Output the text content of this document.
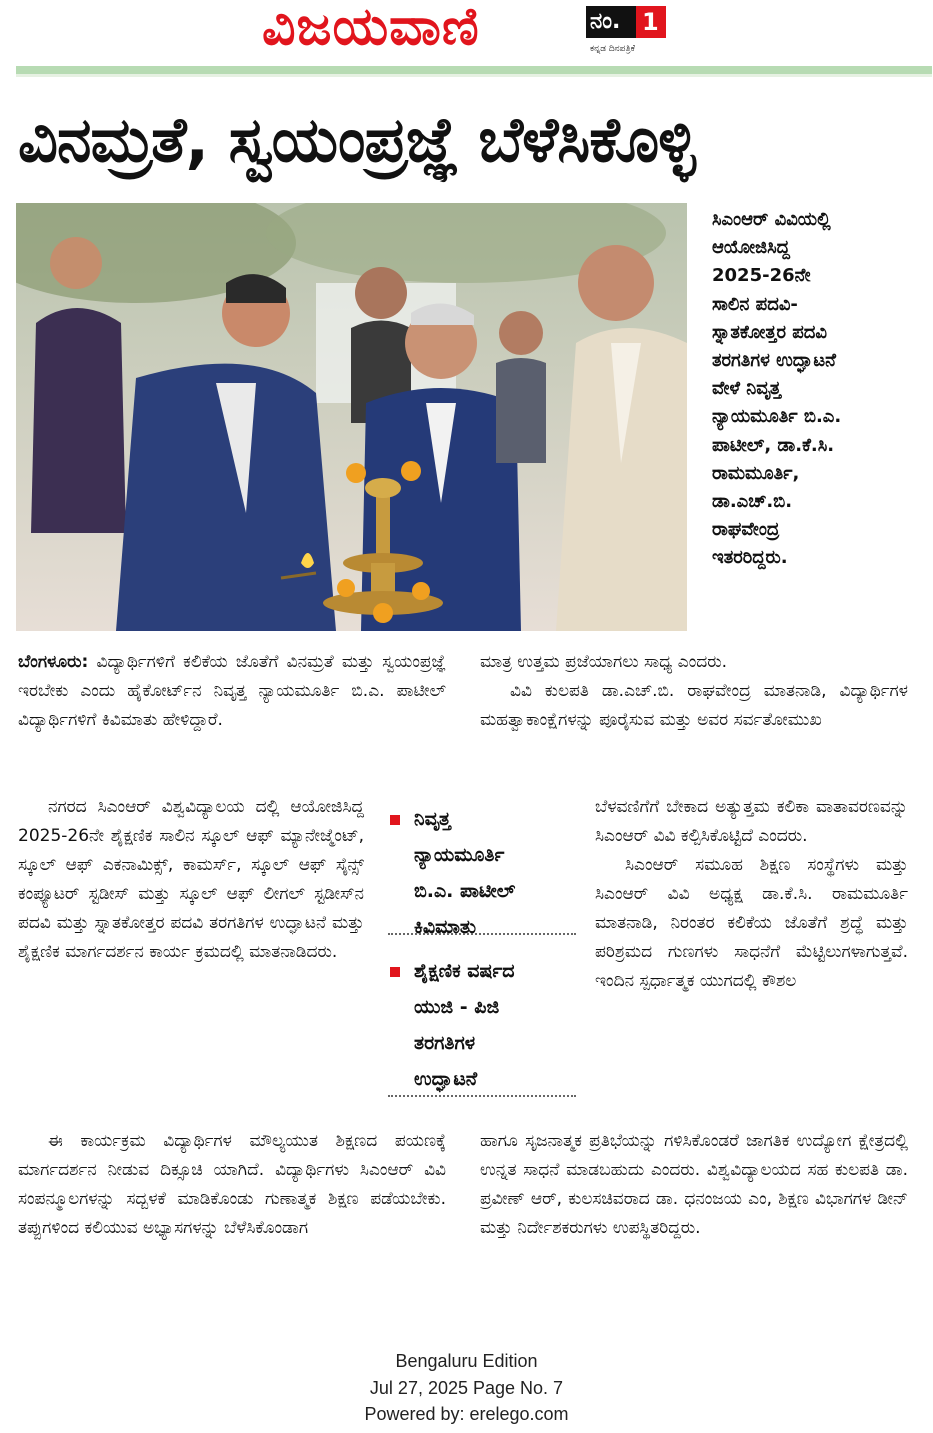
ವಿಜಯವಾಣಿ	ನಂ. 1
ಕನ್ನಡ ದಿನಪತ್ರಿಕೆ
ವಿನಮ್ರತೆ, ಸ್ವಯಂಪ್ರಜ್ಞೆ ಬೆಳೆಸಿಕೊಳ್ಳಿ
ಸಿಎಂಆರ್ ವಿವಿಯಲ್ಲಿ
ಆಯೋಜಿಸಿದ್ದ
2025-26ನೇ
ಸಾಲಿನ ಪದವಿ-
ಸ್ನಾತಕೋತ್ತರ ಪದವಿ
ತರಗತಿಗಳ ಉದ್ಘಾಟನೆ
ವೇಳೆ ನಿವೃತ್ತ
ನ್ಯಾಯಮೂರ್ತಿ ಬಿ.ಎ.
ಪಾಟೀಲ್, ಡಾ.ಕೆ.ಸಿ.
ರಾಮಮೂರ್ತಿ,
ಡಾ.ಎಚ್.ಬಿ.
ರಾಘವೇಂದ್ರ
ಇತರರಿದ್ದರು.

ಬೆಂಗಳೂರು: ವಿದ್ಯಾರ್ಥಿಗಳಿಗೆ ಕಲಿಕೆಯ ಜೊತೆಗೆ ವಿನಮ್ರತೆ ಮತ್ತು ಸ್ವಯಂಪ್ರಜ್ಞೆ ಇರಬೇಕು ಎಂದು ಹೈಕೋರ್ಟ್‌ನ ನಿವೃತ್ತ ನ್ಯಾಯಮೂರ್ತಿ ಬಿ.ಎ. ಪಾಟೀಲ್ ವಿದ್ಯಾರ್ಥಿಗಳಿಗೆ ಕಿವಿಮಾತು ಹೇಳಿದ್ದಾರೆ.

ನಗರದ ಸಿಎಂಆರ್ ವಿಶ್ವವಿದ್ಯಾಲಯ ದಲ್ಲಿ ಆಯೋಜಿಸಿದ್ದ 2025-26ನೇ ಶೈಕ್ಷಣಿಕ ಸಾಲಿನ ಸ್ಕೂಲ್ ಆಫ್ ಮ್ಯಾನೇಜ್ಮೆಂಟ್, ಸ್ಕೂಲ್ ಆಫ್ ಎಕನಾಮಿಕ್ಸ್, ಕಾಮರ್ಸ್, ಸ್ಕೂಲ್ ಆಫ್ ಸೈನ್ಸ್ ಕಂಪ್ಯೂಟರ್ ಸ್ಟಡೀಸ್ ಮತ್ತು ಸ್ಕೂಲ್ ಆಫ್ ಲೀಗಲ್ ಸ್ಟಡೀಸ್‌ನ ಪದವಿ ಮತ್ತು ಸ್ನಾತಕೋತ್ತರ ಪದವಿ ತರಗತಿಗಳ ಉದ್ಘಾಟನೆ ಮತ್ತು ಶೈಕ್ಷಣಿಕ ಮಾರ್ಗದರ್ಶನ ಕಾರ್ಯ ಕ್ರಮದಲ್ಲಿ ಮಾತನಾಡಿದರು.

ಈ ಕಾರ್ಯಕ್ರಮ ವಿದ್ಯಾರ್ಥಿಗಳ ಮೌಲ್ಯಯುತ ಶಿಕ್ಷಣದ ಪಯಣಕ್ಕೆ ಮಾರ್ಗದರ್ಶನ ನೀಡುವ ದಿಕ್ಸೂಚಿ ಯಾಗಿದೆ. ವಿದ್ಯಾರ್ಥಿಗಳು ಸಿಎಂಆರ್ ವಿವಿ ಸಂಪನ್ಮೂಲಗಳನ್ನು ಸದ್ಬಳಕೆ ಮಾಡಿಕೊಂಡು ಗುಣಾತ್ಮಕ ಶಿಕ್ಷಣ ಪಡೆಯಬೇಕು. ತಪ್ಪುಗಳಿಂದ ಕಲಿಯುವ ಅಭ್ಯಾಸಗಳನ್ನು ಬೆಳೆಸಿಕೊಂಡಾಗ

ನಿವೃತ್ತ
ನ್ಯಾಯಮೂರ್ತಿ
ಬಿ.ಎ. ಪಾಟೀಲ್
ಕಿವಿಮಾತು
ಶೈಕ್ಷಣಿಕ ವರ್ಷದ
ಯುಜಿ - ಪಿಜಿ
ತರಗತಿಗಳ
ಉದ್ಘಾಟನೆ

ಮಾತ್ರ ಉತ್ತಮ ಪ್ರಜೆಯಾಗಲು ಸಾಧ್ಯ ಎಂದರು.

ವಿವಿ ಕುಲಪತಿ ಡಾ.ಎಚ್.ಬಿ. ರಾಘವೇಂದ್ರ ಮಾತನಾಡಿ, ವಿದ್ಯಾರ್ಥಿಗಳ ಮಹತ್ವಾಕಾಂಕ್ಷೆಗಳನ್ನು ಪೂರೈಸುವ ಮತ್ತು ಅವರ ಸರ್ವತೋಮುಖ

ಬೆಳವಣಿಗೆಗೆ ಬೇಕಾದ ಅತ್ಯುತ್ತಮ ಕಲಿಕಾ ವಾತಾವರಣವನ್ನು ಸಿಎಂಆರ್ ವಿವಿ ಕಲ್ಪಿಸಿಕೊಟ್ಟಿದೆ ಎಂದರು.

ಸಿಎಂಆರ್ ಸಮೂಹ ಶಿಕ್ಷಣ ಸಂಸ್ಥೆಗಳು ಮತ್ತು ಸಿಎಂಆರ್ ವಿವಿ ಅಧ್ಯಕ್ಷ ಡಾ.ಕೆ.ಸಿ. ರಾಮಮೂರ್ತಿ ಮಾತನಾಡಿ, ನಿರಂತರ ಕಲಿಕೆಯ ಜೊತೆಗೆ ಶ್ರದ್ಧೆ ಮತ್ತು ಪರಿಶ್ರಮದ ಗುಣಗಳು ಸಾಧನೆಗೆ ಮೆಟ್ಟಿಲುಗಳಾಗುತ್ತವೆ. ಇಂದಿನ ಸ್ಪರ್ಧಾತ್ಮಕ ಯುಗದಲ್ಲಿ ಕೌಶಲ

ಹಾಗೂ ಸೃಜನಾತ್ಮಕ ಪ್ರತಿಭೆಯನ್ನು ಗಳಿಸಿಕೊಂಡರೆ ಜಾಗತಿಕ ಉದ್ಯೋಗ ಕ್ಷೇತ್ರದಲ್ಲಿ ಉನ್ನತ ಸಾಧನೆ ಮಾಡಬಹುದು ಎಂದರು. ವಿಶ್ವವಿದ್ಯಾಲಯದ ಸಹ ಕುಲಪತಿ ಡಾ. ಪ್ರವೀಣ್ ಆರ್, ಕುಲಸಚಿವರಾದ ಡಾ. ಧನಂಜಯ ಎಂ, ಶಿಕ್ಷಣ ವಿಭಾಗಗಳ ಡೀನ್ ಮತ್ತು ನಿರ್ದೇಶಕರುಗಳು ಉಪಸ್ಥಿತರಿದ್ದರು.

Bengaluru Edition
Jul 27, 2025 Page No. 7
Powered by: erelego.com
